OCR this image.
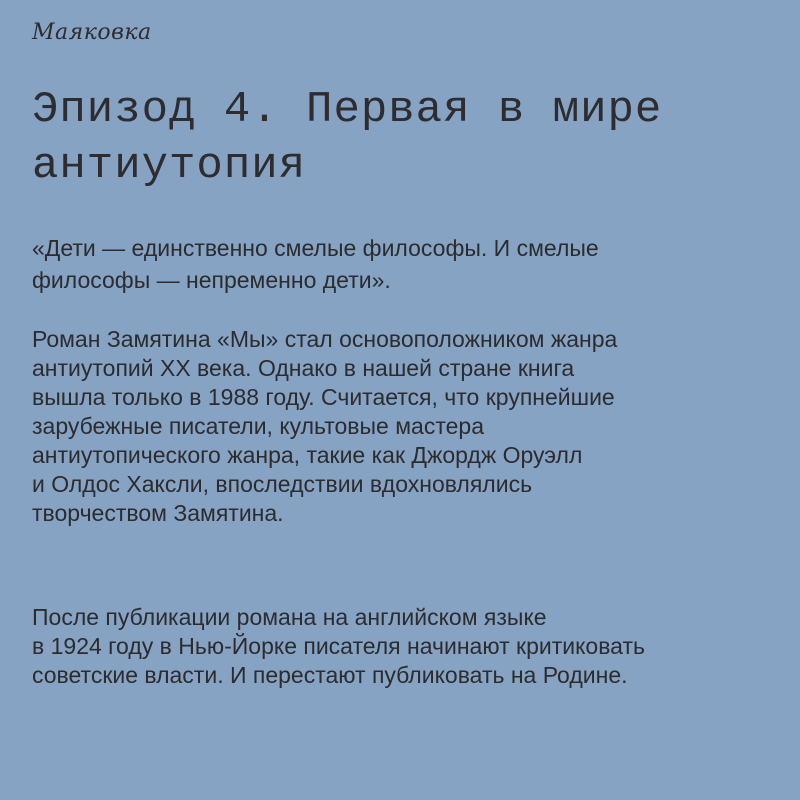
Маяковка
Эпизод 4. Первая в мире
антиутопия

«Дети — единственно смелые философы. И смелые
философы — непременно дети».

Роман Замятина «Мы» стал основоположником жанра
антиутопий XX века. Однако в нашей стране книга
вышла только в 1988 году. Считается, что крупнейшие
зарубежные писатели, культовые мастера
антиутопического жанра, такие как Джордж Оруэлл
и Олдос Хаксли, впоследствии вдохновлялись
творчеством Замятина.

После публикации романа на английском языке
в 1924 году в Нью-Йорке писателя начинают критиковать
советские власти. И перестают публиковать на Родине.
